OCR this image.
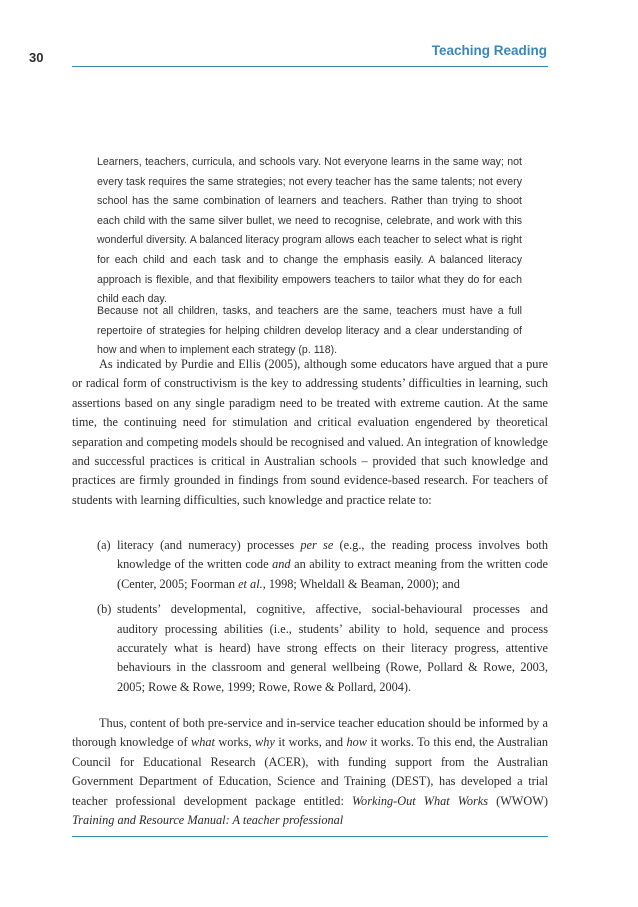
30	Teaching Reading

Learners, teachers, curricula, and schools vary. Not everyone learns in the same way; not every task requires the same strategies; not every teacher has the same talents; not every school has the same combination of learners and teachers. Rather than trying to shoot each child with the same silver bullet, we need to recognise, celebrate, and work with this wonderful diversity. A balanced literacy program allows each teacher to select what is right for each child and each task and to change the emphasis easily. A balanced literacy approach is flexible, and that flexibility empowers teachers to tailor what they do for each child each day.

Because not all children, tasks, and teachers are the same, teachers must have a full repertoire of strategies for helping children develop literacy and a clear understanding of how and when to implement each strategy (p. 118).

As indicated by Purdie and Ellis (2005), although some educators have argued that a pure or radical form of constructivism is the key to addressing students’ difficulties in learning, such assertions based on any single paradigm need to be treated with extreme caution. At the same time, the continuing need for stimulation and critical evaluation engendered by theoretical separation and competing models should be recognised and valued. An integration of knowledge and successful practices is critical in Australian schools – provided that such knowledge and practices are firmly grounded in findings from sound evidence-based research. For teachers of students with learning difficulties, such knowledge and practice relate to:

(a) literacy (and numeracy) processes per se (e.g., the reading process involves both knowledge of the written code and an ability to extract meaning from the written code (Center, 2005; Foorman et al., 1998; Wheldall & Beaman, 2000); and
(b) students’ developmental, cognitive, affective, social-behavioural processes and auditory processing abilities (i.e., students’ ability to hold, sequence and process accurately what is heard) have strong effects on their literacy progress, attentive behaviours in the classroom and general wellbeing (Rowe, Pollard & Rowe, 2003, 2005; Rowe & Rowe, 1999; Rowe, Rowe & Pollard, 2004).

Thus, content of both pre-service and in-service teacher education should be informed by a thorough knowledge of what works, why it works, and how it works. To this end, the Australian Council for Educational Research (ACER), with funding support from the Australian Government Department of Education, Science and Training (DEST), has developed a trial teacher professional development package entitled: Working-Out What Works (WWOW) Training and Resource Manual: A teacher professional
